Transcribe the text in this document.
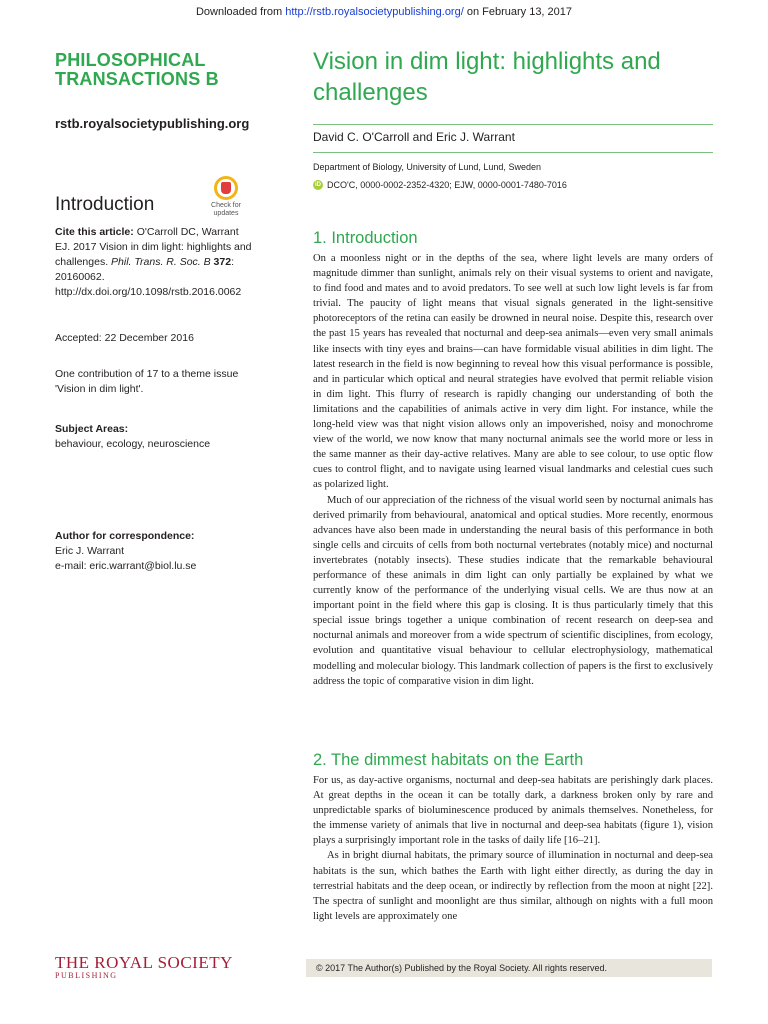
Downloaded from http://rstb.royalsocietypublishing.org/ on February 13, 2017
PHILOSOPHICAL
TRANSACTIONS B
rstb.royalsocietypublishing.org
Introduction	Check for
updates
Cite this article: O'Carroll DC, Warrant EJ. 2017 Vision in dim light: highlights and challenges. Phil. Trans. R. Soc. B 372: 20160062.
http://dx.doi.org/10.1098/rstb.2016.0062
Accepted: 22 December 2016
One contribution of 17 to a theme issue 'Vision in dim light'.
Subject Areas:
behaviour, ecology, neuroscience
Author for correspondence:
Eric J. Warrant
e-mail: eric.warrant@biol.lu.se
Vision in dim light: highlights and challenges
David C. O'Carroll and Eric J. Warrant
Department of Biology, University of Lund, Lund, Sweden
iD DCO'C, 0000-0002-2352-4320; EJW, 0000-0001-7480-7016
1. Introduction

On a moonless night or in the depths of the sea, where light levels are many orders of magnitude dimmer than sunlight, animals rely on their visual systems to orient and navigate, to find food and mates and to avoid predators. To see well at such low light levels is far from trivial. The paucity of light means that visual signals generated in the light-sensitive photoreceptors of the retina can easily be drowned in neural noise. Despite this, research over the past 15 years has revealed that nocturnal and deep-sea animals—even very small animals like insects with tiny eyes and brains—can have formidable visual abilities in dim light. The latest research in the field is now beginning to reveal how this visual performance is possible, and in particular which optical and neural strategies have evolved that permit reliable vision in dim light. This flurry of research is rapidly changing our understanding of both the limitations and the capabilities of animals active in very dim light. For instance, while the long-held view was that night vision allows only an impoverished, noisy and monochrome view of the world, we now know that many nocturnal animals see the world more or less in the same manner as their day-active relatives. Many are able to see colour, to use optic flow cues to control flight, and to navigate using learned visual landmarks and celestial cues such as polarized light.

Much of our appreciation of the richness of the visual world seen by nocturnal animals has derived primarily from behavioural, anatomical and optical studies. More recently, enormous advances have also been made in understanding the neural basis of this performance in both single cells and circuits of cells from both nocturnal vertebrates (notably mice) and nocturnal invertebrates (notably insects). These studies indicate that the remarkable behavioural performance of these animals in dim light can only partially be explained by what we currently know of the performance of the underlying visual cells. We are thus now at an important point in the field where this gap is closing. It is thus particularly timely that this special issue brings together a unique combination of recent research on deep-sea and nocturnal animals and moreover from a wide spectrum of scientific disciplines, from ecology, evolution and quantitative visual behaviour to cellular electrophysiology, mathematical modelling and molecular biology. This landmark collection of papers is the first to exclusively address the topic of comparative vision in dim light.

2. The dimmest habitats on the Earth

For us, as day-active organisms, nocturnal and deep-sea habitats are perishingly dark places. At great depths in the ocean it can be totally dark, a darkness broken only by rare and unpredictable sparks of bioluminescence produced by animals themselves. Nonetheless, for the immense variety of animals that live in nocturnal and deep-sea habitats (figure 1), vision plays a surprisingly important role in the tasks of daily life [16–21].

As in bright diurnal habitats, the primary source of illumination in nocturnal and deep-sea habitats is the sun, which bathes the Earth with light either directly, as during the day in terrestrial habitats and the deep ocean, or indirectly by reflection from the moon at night [22]. The spectra of sunlight and moonlight are thus similar, although on nights with a full moon light levels are approximately one

THE ROYAL SOCIETY
PUBLISHING
© 2017 The Author(s) Published by the Royal Society. All rights reserved.
